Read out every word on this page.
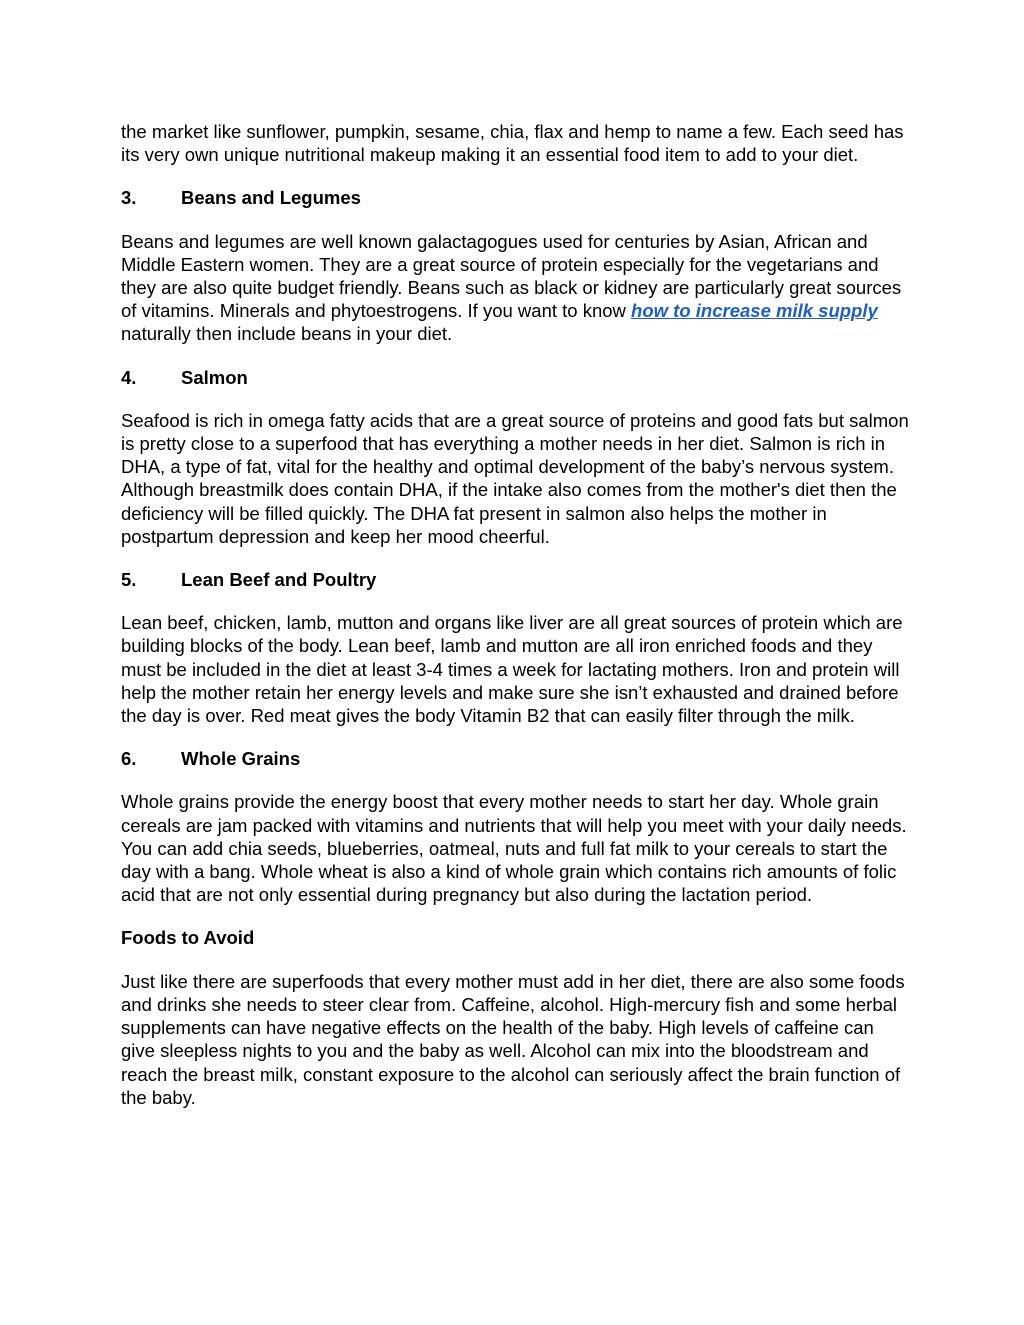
the market like sunflower, pumpkin, sesame, chia, flax and hemp to name a few. Each seed has its very own unique nutritional makeup making it an essential food item to add to your diet.

3.	Beans and Legumes

Beans and legumes are well known galactagogues used for centuries by Asian, African and Middle Eastern women. They are a great source of protein especially for the vegetarians and they are also quite budget friendly. Beans such as black or kidney are particularly great sources of vitamins. Minerals and phytoestrogens. If you want to know how to increase milk supply naturally then include beans in your diet.

4.	Salmon

Seafood is rich in omega fatty acids that are a great source of proteins and good fats but salmon is pretty close to a superfood that has everything a mother needs in her diet. Salmon is rich in DHA, a type of fat, vital for the healthy and optimal development of the baby’s nervous system. Although breastmilk does contain DHA, if the intake also comes from the mother's diet then the deficiency will be filled quickly. The DHA fat present in salmon also helps the mother in postpartum depression and keep her mood cheerful.

5.	Lean Beef and Poultry

Lean beef, chicken, lamb, mutton and organs like liver are all great sources of protein which are building blocks of the body. Lean beef, lamb and mutton are all iron enriched foods and they must be included in the diet at least 3-4 times a week for lactating mothers. Iron and protein will help the mother retain her energy levels and make sure she isn’t exhausted and drained before the day is over. Red meat gives the body Vitamin B2 that can easily filter through the milk.

6.	Whole Grains

Whole grains provide the energy boost that every mother needs to start her day. Whole grain cereals are jam packed with vitamins and nutrients that will help you meet with your daily needs. You can add chia seeds, blueberries, oatmeal, nuts and full fat milk to your cereals to start the day with a bang. Whole wheat is also a kind of whole grain which contains rich amounts of folic acid that are not only essential during pregnancy but also during the lactation period.

Foods to Avoid

Just like there are superfoods that every mother must add in her diet, there are also some foods and drinks she needs to steer clear from. Caffeine, alcohol. High-mercury fish and some herbal supplements can have negative effects on the health of the baby. High levels of caffeine can give sleepless nights to you and the baby as well. Alcohol can mix into the bloodstream and reach the breast milk, constant exposure to the alcohol can seriously affect the brain function of the baby.
